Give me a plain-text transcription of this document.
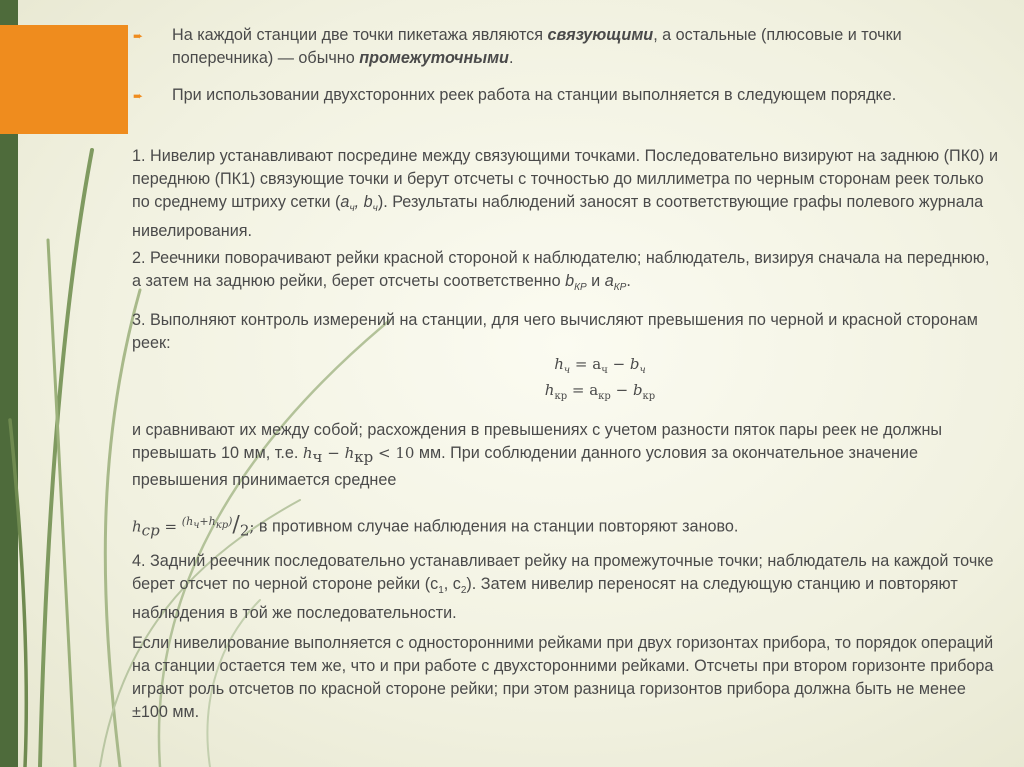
➨ На каждой станции две точки пикетажа являются связующими, а остальные (плюсовые и точки поперечника) — обычно промежуточными.

➨ При использовании двухсторонних реек работа на станции выполняется в следующем порядке.

1. Нивелир устанавливают посредине между связующими точками. Последовательно визируют на заднюю (ПК0) и переднюю (ПК1) связующие точки и берут отсчеты с точностью до миллиметра по черным сторонам реек только по среднему штриху сетки ($а_ч$, $b_ч$). Результаты наблюдений заносят в соответствующие графы полевого журнала нивелирования.

2. Реечники поворачивают рейки красной стороной к наблюдателю; наблюдатель, визируя сначала на переднюю, а затем на заднюю рейки, берет отсчеты соответственно $b_{КР}$ и $а_{КР}$.

3. Выполняют контроль измерений на станции, для чего вычисляют превышения по черной и красной сторонам реек:

$h_ч = а_ч - b_ч$
$h_{кр} = а_{кр} - b_{кр}$

и сравнивают их между собой; расхождения в превышениях с учетом разности пяток пары реек не должны превышать 10 мм, т.е. $h_ч - h_{кр} < 10$ мм. При соблюдении данного условия за окончательное значение превышения принимается среднее

$h_{ср} = ^{(h_ч+h_{кр})}/_2$; в противном случае наблюдения на станции повторяют заново.

4. Задний реечник последовательно устанавливает рейку на промежуточные точки; наблюдатель на каждой точке берет отсчет по черной стороне рейки ($с_1$, $с_2$). Затем нивелир переносят на следующую станцию и повторяют наблюдения в той же последовательности.

Если нивелирование выполняется с односторонними рейками при двух горизонтах прибора, то порядок операций на станции остается тем же, что и при работе с двухсторонними рейками. Отсчеты при втором горизонте прибора играют роль отсчетов по красной стороне рейки; при этом разница горизонтов прибора должна быть не менее ±100 мм.
